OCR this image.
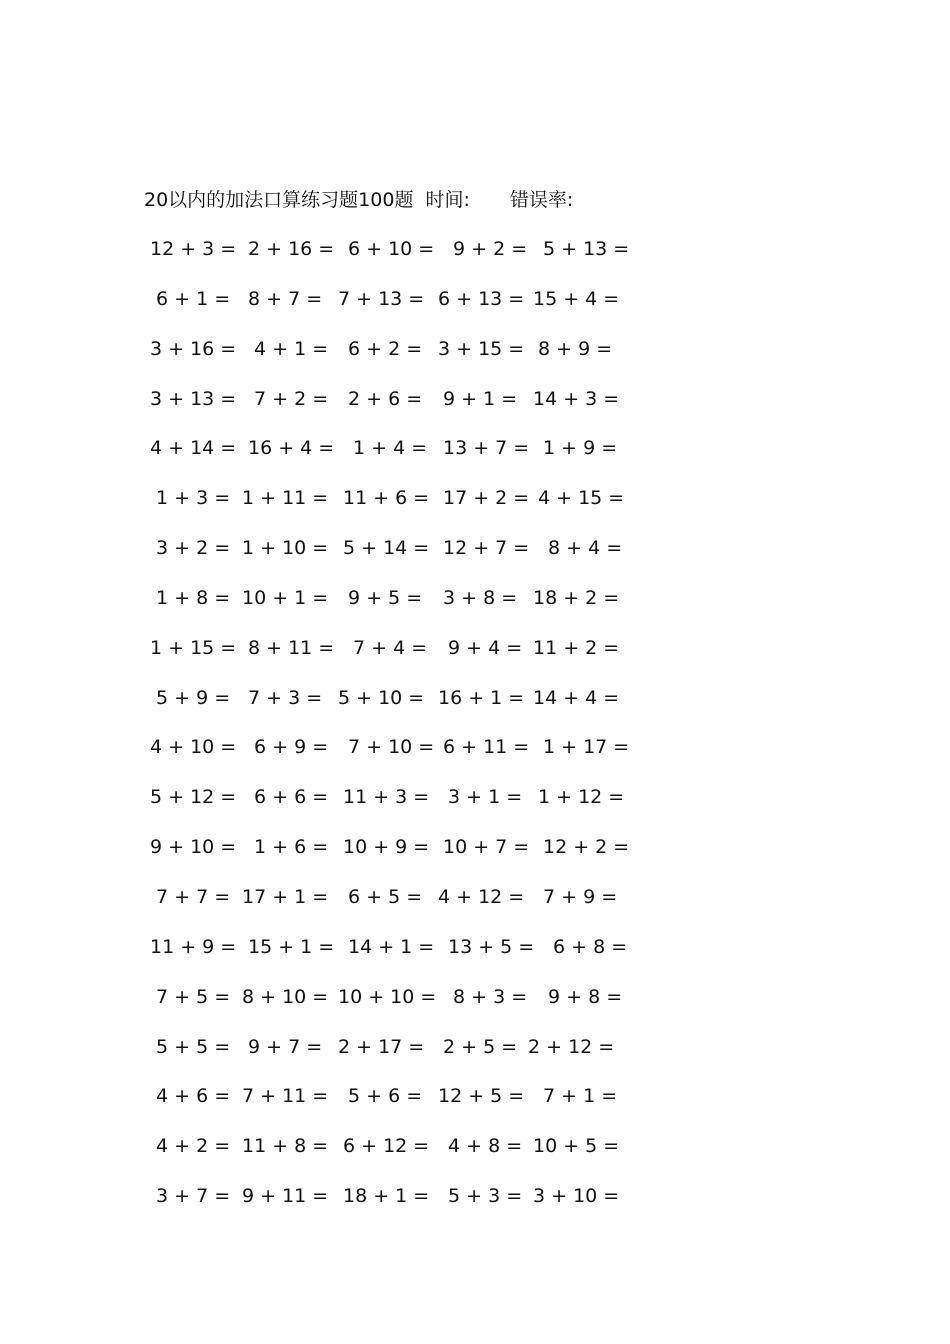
20以内的加法口算练习题100题 时间: 错误率:
12 + 3 = 2 + 16 = 6 + 10 = 9 + 2 = 5 + 13 =
6 + 1 = 8 + 7 = 7 + 13 = 6 + 13 = 15 + 4 =
3 + 16 = 4 + 1 = 6 + 2 = 3 + 15 = 8 + 9 =
3 + 13 = 7 + 2 = 2 + 6 = 9 + 1 = 14 + 3 =
4 + 14 = 16 + 4 = 1 + 4 = 13 + 7 = 1 + 9 =
1 + 3 = 1 + 11 = 11 + 6 = 17 + 2 = 4 + 15 =
3 + 2 = 1 + 10 = 5 + 14 = 12 + 7 = 8 + 4 =
1 + 8 = 10 + 1 = 9 + 5 = 3 + 8 = 18 + 2 =
1 + 15 = 8 + 11 = 7 + 4 = 9 + 4 = 11 + 2 =
5 + 9 = 7 + 3 = 5 + 10 = 16 + 1 = 14 + 4 =
4 + 10 = 6 + 9 = 7 + 10 = 6 + 11 = 1 + 17 =
5 + 12 = 6 + 6 = 11 + 3 = 3 + 1 = 1 + 12 =
9 + 10 = 1 + 6 = 10 + 9 = 10 + 7 = 12 + 2 =
7 + 7 = 17 + 1 = 6 + 5 = 4 + 12 = 7 + 9 =
11 + 9 = 15 + 1 = 14 + 1 = 13 + 5 = 6 + 8 =
7 + 5 = 8 + 10 = 10 + 10 = 8 + 3 = 9 + 8 =
5 + 5 = 9 + 7 = 2 + 17 = 2 + 5 = 2 + 12 =
4 + 6 = 7 + 11 = 5 + 6 = 12 + 5 = 7 + 1 =
4 + 2 = 11 + 8 = 6 + 12 = 4 + 8 = 10 + 5 =
3 + 7 = 9 + 11 = 18 + 1 = 5 + 3 = 3 + 10 =
